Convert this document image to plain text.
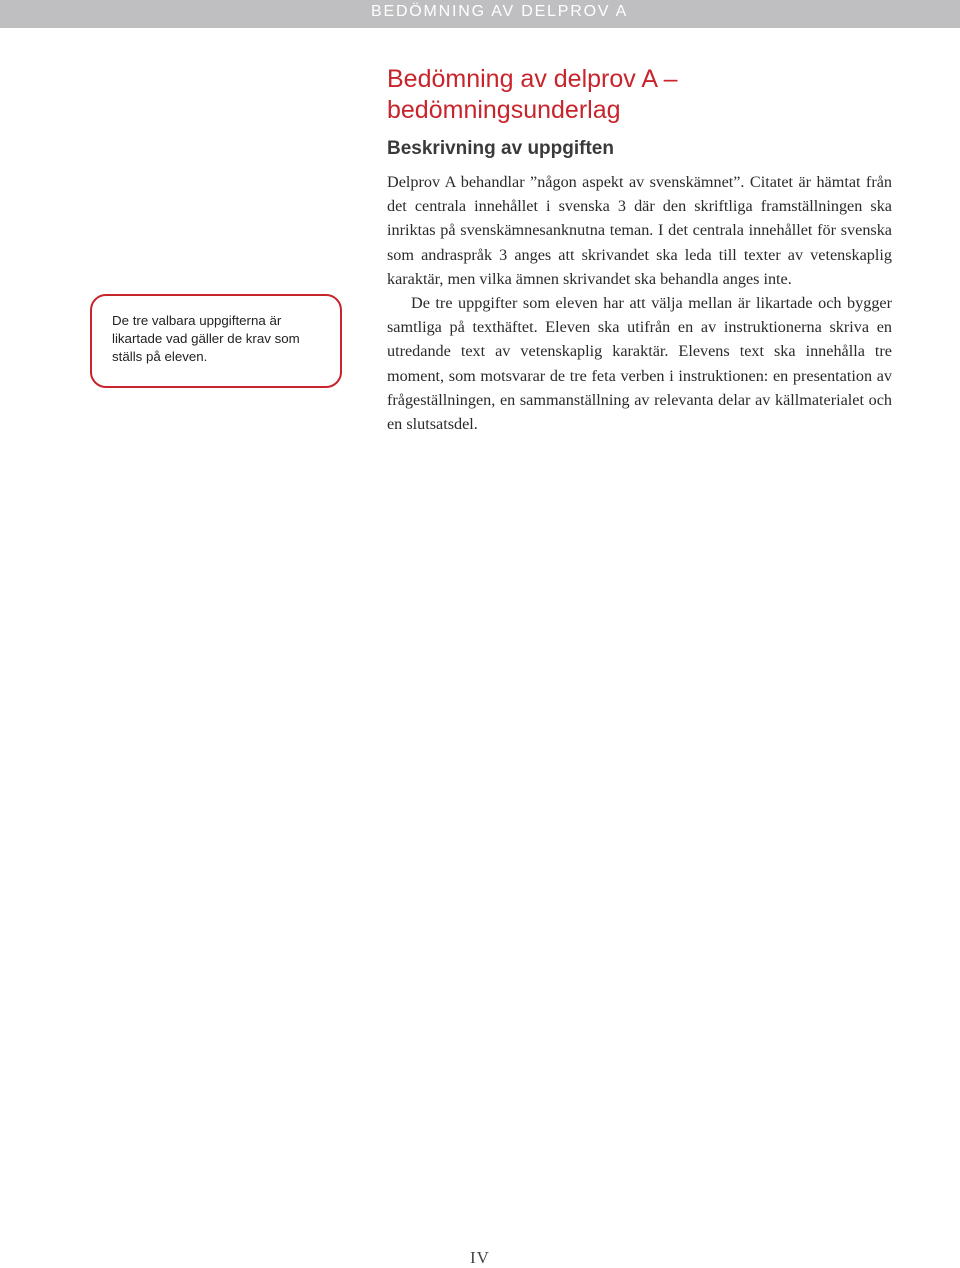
BEDÖMNING AV DELPROV A
Bedömning av delprov A – bedömningsunderlag
Beskrivning av uppgiften

Delprov A behandlar ”någon aspekt av svenskämnet”. Citatet är hämtat från det centrala innehållet i svenska 3 där den skriftliga framställningen ska inriktas på svenskämnesanknutna teman. I det centrala innehållet för svenska som andraspråk 3 anges att skrivandet ska leda till texter av vetenskaplig karaktär, men vilka ämnen skrivandet ska behandla anges inte.

De tre uppgifter som eleven har att välja mellan är likartade och bygger samtliga på texthäftet. Eleven ska utifrån en av instruktionerna skriva en utredande text av vetenskaplig karaktär. Elevens text ska innehålla tre moment, som motsvarar de tre feta verben i instruktionen: en presentation av frågeställningen, en sammanställning av relevanta delar av källmaterialet och en slutsatsdel.

De tre valbara uppgifterna är likartade vad gäller de krav som ställs på eleven.
IV
